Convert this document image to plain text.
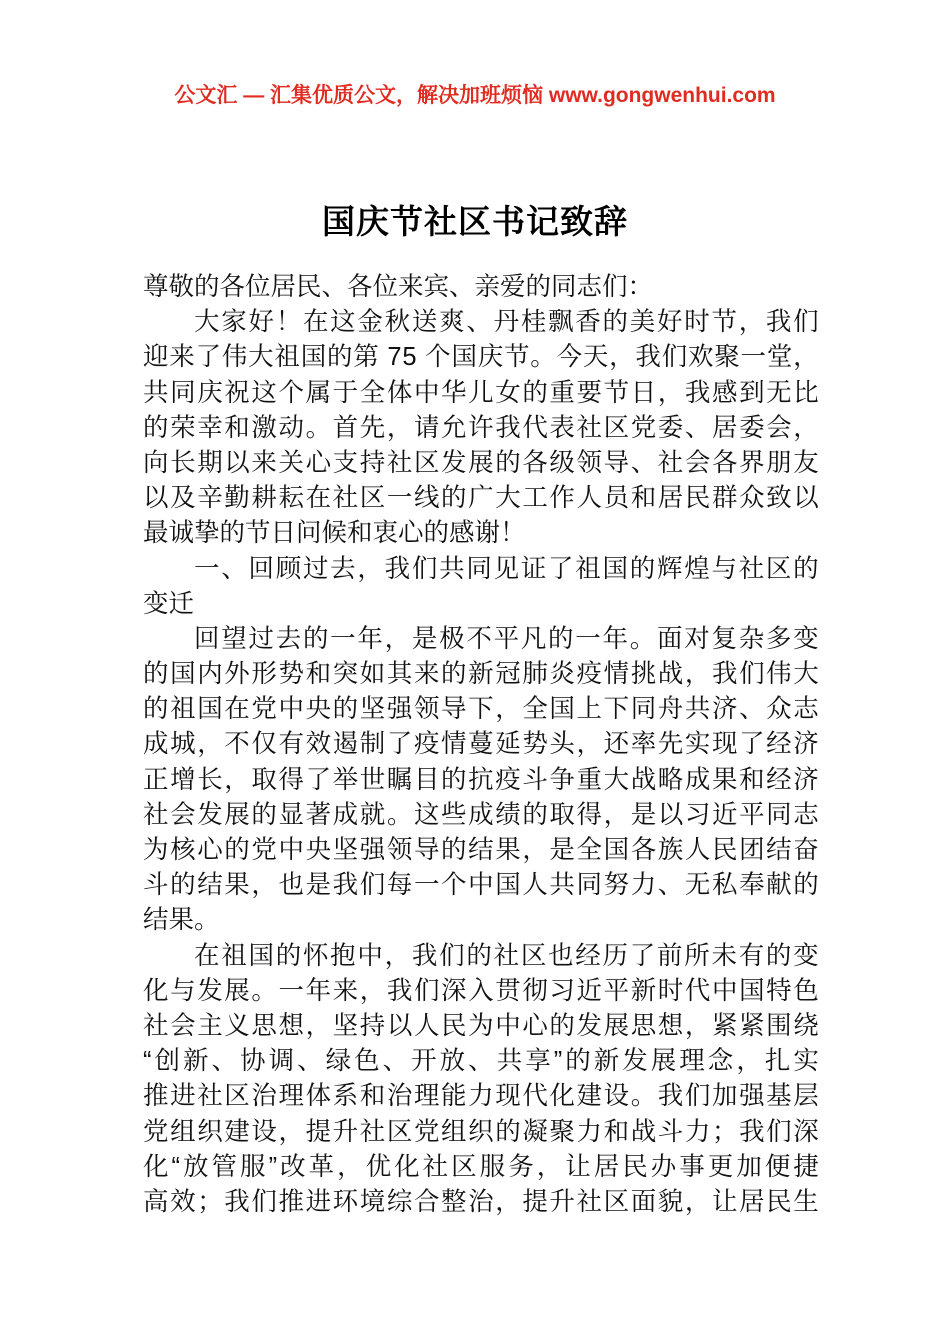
公文汇 — 汇集优质公文，解决加班烦恼 www.gongwenhui.com
国庆节社区书记致辞
尊敬的各位居民、各位来宾、亲爱的同志们：
大 家 好 ！ 在 这 金 秋 送 爽 、 丹 桂 飘 香 的 美 好 时 节 ， 我 们
迎 来 了 伟 大 祖 国 的 第
7 5
个 国 庆 节 。 今 天 ， 我 们 欢 聚 一 堂 ，
共 同 庆 祝 这 个 属 于 全 体 中 华 儿 女 的 重 要 节 日 ， 我 感 到 无 比
的 荣 幸 和 激 动 。 首 先 ， 请 允 许 我 代 表 社 区 党 委 、 居 委 会 ，
向 长 期 以 来 关 心 支 持 社 区 发 展 的 各 级 领 导 、 社 会 各 界 朋 友
以 及 辛 勤 耕 耘 在 社 区 一 线 的 广 大 工 作 人 员 和 居 民 群 众 致 以
最诚挚的节日问候和衷心的感谢！
一 、 回 顾 过 去 ， 我 们 共 同 见 证 了 祖 国 的 辉 煌 与 社 区 的
变迁
回 望 过 去 的 一 年 ， 是 极 不 平 凡 的 一 年 。 面 对 复 杂 多 变
的 国 内 外 形 势 和 突 如 其 来 的 新 冠 肺 炎 疫 情 挑 战 ， 我 们 伟 大
的 祖 国 在 党 中 央 的 坚 强 领 导 下 ， 全 国 上 下 同 舟 共 济 、 众 志
成 城 ， 不 仅 有 效 遏 制 了 疫 情 蔓 延 势 头 ， 还 率 先 实 现 了 经 济
正 增 长 ， 取 得 了 举 世 瞩 目 的 抗 疫 斗 争 重 大 战 略 成 果 和 经 济
社 会 发 展 的 显 著 成 就 。 这 些 成 绩 的 取 得 ， 是 以 习 近 平 同 志
为 核 心 的 党 中 央 坚 强 领 导 的 结 果 ， 是 全 国 各 族 人 民 团 结 奋
斗 的 结 果 ， 也 是 我 们 每 一 个 中 国 人 共 同 努 力 、 无 私 奉 献 的
结果。
在 祖 国 的 怀 抱 中 ， 我 们 的 社 区 也 经 历 了 前 所 未 有 的 变
化 与 发 展 。 一 年 来 ， 我 们 深 入 贯 彻 习 近 平 新 时 代 中 国 特 色
社 会 主 义 思 想 ， 坚 持 以 人 民 为 中 心 的 发 展 思 想 ， 紧 紧 围 绕
“ 创 新 、 协 调 、 绿 色 、 开 放 、 共 享 ” 的 新 发 展 理 念 ， 扎 实
推 进 社 区 治 理 体 系 和 治 理 能 力 现 代 化 建 设 。 我 们 加 强 基 层
党 组 织 建 设 ， 提 升 社 区 党 组 织 的 凝 聚 力 和 战 斗 力 ； 我 们 深
化 “ 放 管 服 ” 改 革 ， 优 化 社 区 服 务 ， 让 居 民 办 事 更 加 便 捷
高 效 ； 我 们 推 进 环 境 综 合 整 治 ， 提 升 社 区 面 貌 ， 让 居 民 生
